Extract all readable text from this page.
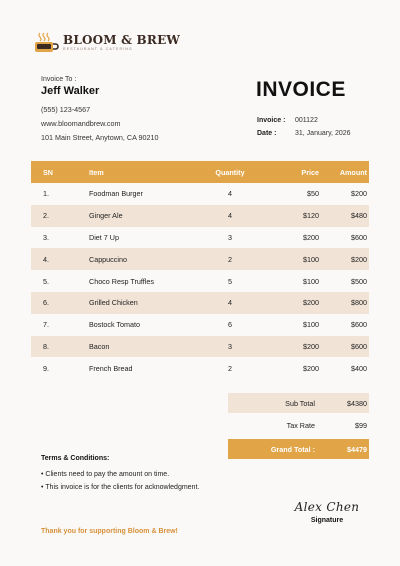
BLOOM & BREW
RESTAURANT & CATERING
Invoice To :
Jeff Walker
(555) 123-4567
www.bloomandbrew.com
101 Main Street, Anytown, CA 90210
INVOICE
Invoice :	001122
Date :	31, January, 2026
SN	Item	Quantity	Price	Amount
1.	Foodman Burger	4	$50	$200
2.	Ginger Ale	4	$120	$480
3.	Diet 7 Up	3	$200	$600
4.	Cappuccino	2	$100	$200
5.	Choco Resp Truffles	5	$100	$500
6.	Grilled Chicken	4	$200	$800
7.	Bostock Tomato	6	$100	$600
8.	Bacon	3	$200	$600
9.	French Bread	2	$200	$400
Sub Total	$4380
Tax Rate	$99
Grand Total :	$4479
Terms & Conditions:
• Clients need to pay the amount on time.
• This invoice is for the clients for acknowledgment.
Alex Chen
Signature
Thank you for supporting Bloom & Brew!
